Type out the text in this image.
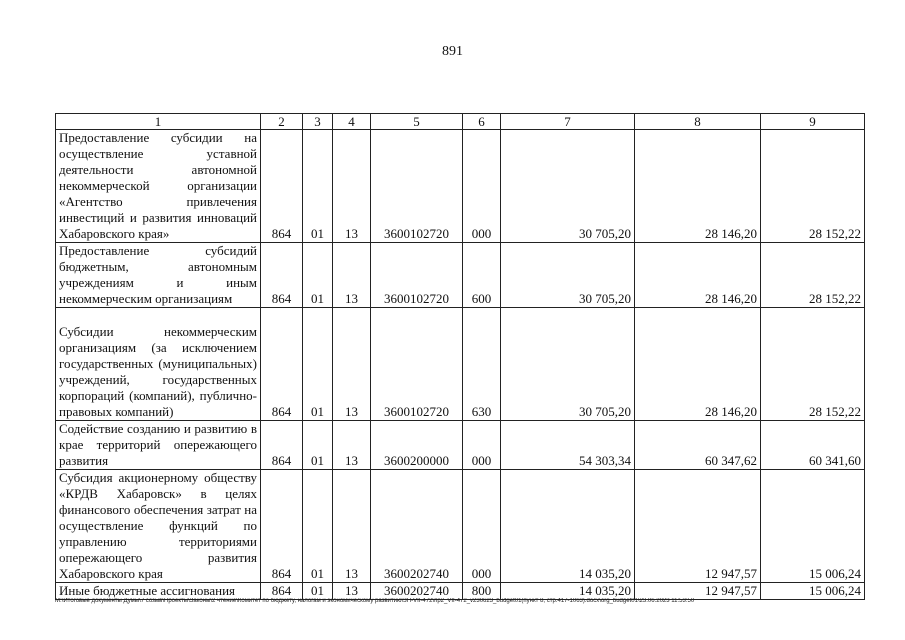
891
1	2	3	4	5	6	7	8	9
Предоставление субсидии на осуществление уставной деятельности автономной некоммерческой организации «Агентство привлечения инвестиций и развития инноваций Хабаровского края»	864	01	13	3600102720	000	30 705,20	28 146,20	28 152,22
Предоставление субсидий бюджетным, автономным учреждениям и иным некоммерческим организациям	864	01	13	3600102720	600	30 705,20	28 146,20	28 152,22
Субсидии некоммерческим организациям (за исключением государственных (муниципальных) учреждений, государственных корпораций (компаний), публично-правовых компаний)	864	01	13	3600102720	630	30 705,20	28 146,20	28 152,22
Содействие созданию и развитию в крае территорий опережающего развития	864	01	13	3600200000	000	54 303,34	60 347,62	60 341,60
Субсидия акционерному обществу «КРДВ Хабаровск» в целях финансового обеспечения затрат на осуществление функций по управлению территориями опережающего развития Хабаровского края	864	01	13	3600202740	000	14 035,20	12 947,57	15 006,24
Иные бюджетные ассигнования	864	01	13	3600202740	800	14 035,20	12 947,57	15 006,24
M:\Итоговые документы Думы\7 созыв\Проекты\Законы\2 чтение\Комитет по бюджету, налогам и экономическому развитию\ЗП-VII-472\пр2_VII-472_v230623_budget01(пункт 8, стр.417-1063).docx\org_budget01\23.06.2023 11:53:50
